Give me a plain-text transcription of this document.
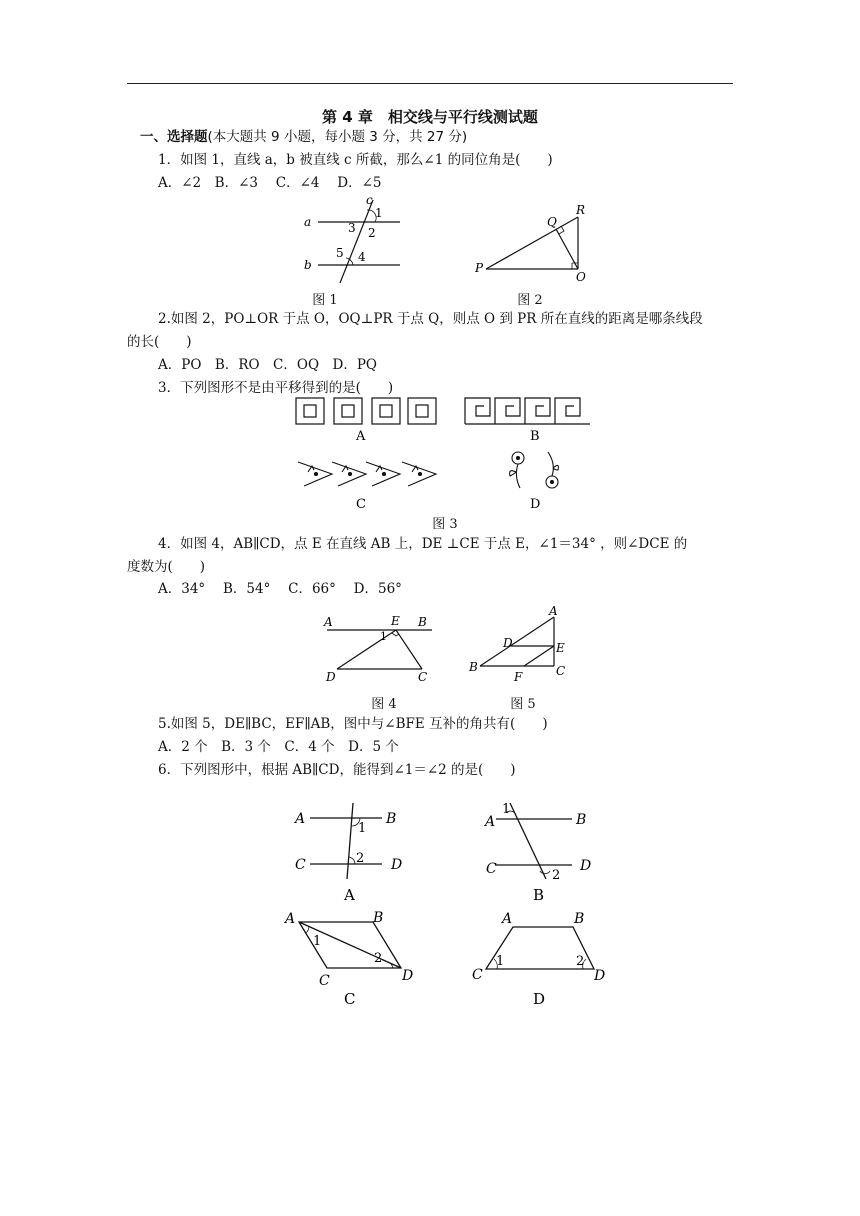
第 4 章　相交线与平行线测试题
一、选择题(本大题共 9 小题，每小题 3 分，共 27 分)
1．如图 1，直线 a，b 被直线 c 所截，那么∠1 的同位角是(　　)
A．∠2　B．∠3　 C．∠4　 D．∠5
a
b
c
1
2
3
4
5
图 1
P
Q
R
O
图 2
2.如图 2，PO⊥OR 于点 O，OQ⊥PR 于点 Q，则点 O 到 PR 所在直线的距离是哪条线段
的长(　　)
A．PO　B．RO　C．OQ　D．PQ
3．下列图形不是由平移得到的是(　　)
A	B
C	D
图 3
4．如图 4，AB∥CD，点 E 在直线 AB 上，DE ⊥CE 于点 E，∠1＝34° ，则∠DCE 的
度数为(　　)
A．34°　 B．54°　 C．66°　 D．56°
A	B
E
D	C
1
图 4
A
B	C
D	E
F
图 5
5.如图 5，DE∥BC，EF∥AB，图中与∠BFE 互补的角共有(　　)
A．2 个　B．3 个　C．4 个　D．5 个
6．下列图形中，根据 AB∥CD，能得到∠1＝∠2 的是(　　)
A	B
C	D
1
2
A
A	B
C	D
1
2
B
A	B
C	D
1
2
C
A	B
C	D
1	2
D
